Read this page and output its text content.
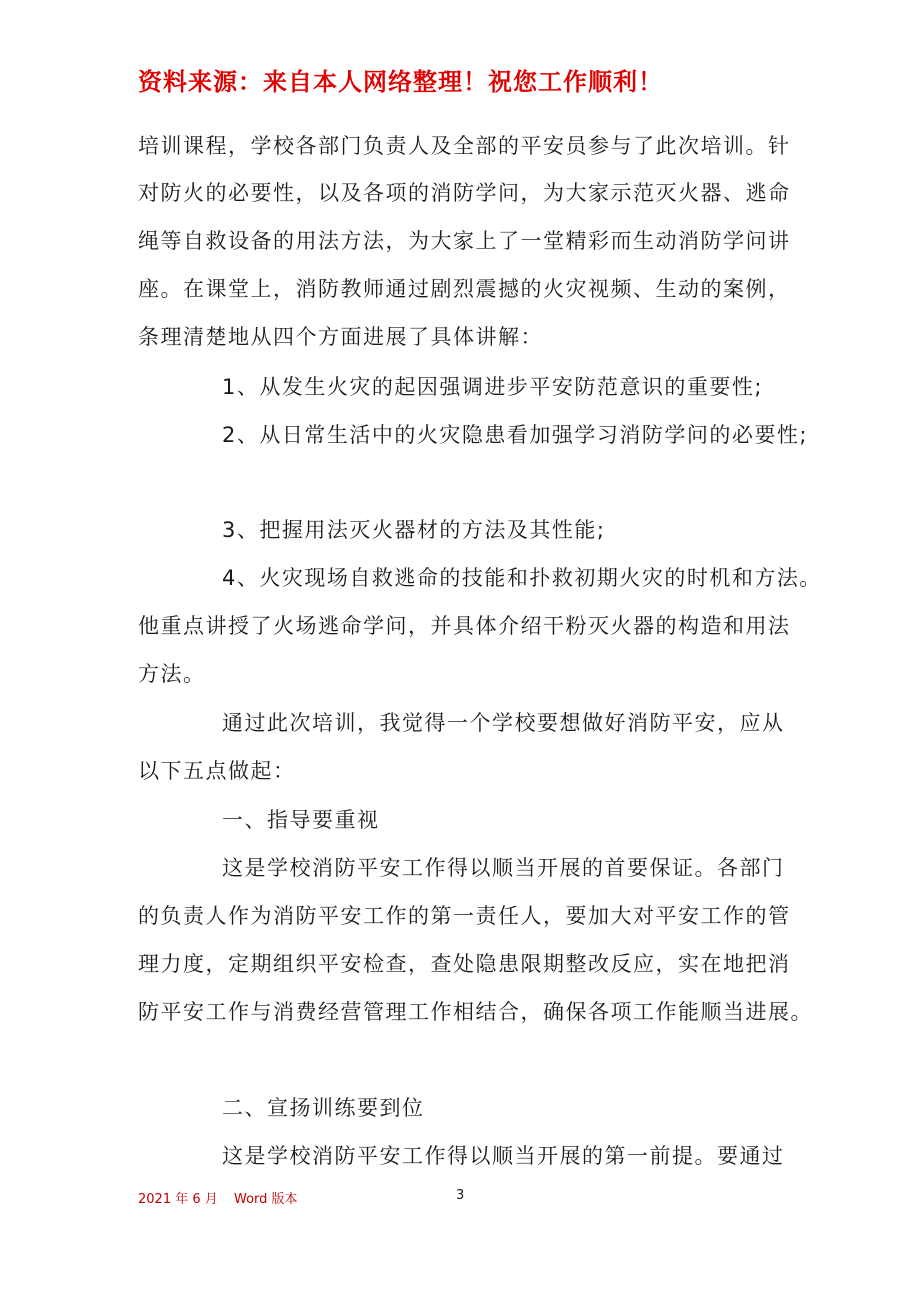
资料来源：来自本人网络整理！祝您工作顺利！
培训课程，学校各部门负责人及全部的平安员参与了此次培训。针
对防火的必要性，以及各项的消防学问，为大家示范灭火器、逃命
绳等自救设备的用法方法，为大家上了一堂精彩而生动消防学问讲
座。在课堂上，消防教师通过剧烈震撼的火灾视频、生动的案例，
条理清楚地从四个方面进展了具体讲解：
1、从发生火灾的起因强调进步平安防范意识的重要性;
2、从日常生活中的火灾隐患看加强学习消防学问的必要性;
3、把握用法灭火器材的方法及其性能;
4、火灾现场自救逃命的技能和扑救初期火灾的时机和方法。
他重点讲授了火场逃命学问，并具体介绍干粉灭火器的构造和用法
方法。
通过此次培训，我觉得一个学校要想做好消防平安，应从
以下五点做起：
一、指导要重视
这是学校消防平安工作得以顺当开展的首要保证。各部门
的负责人作为消防平安工作的第一责任人，要加大对平安工作的管
理力度，定期组织平安检查，查处隐患限期整改反应，实在地把消
防平安工作与消费经营管理工作相结合，确保各项工作能顺当进展。
二、宣扬训练要到位
这是学校消防平安工作得以顺当开展的第一前提。要通过
2021 年 6 月 Word 版本	3
